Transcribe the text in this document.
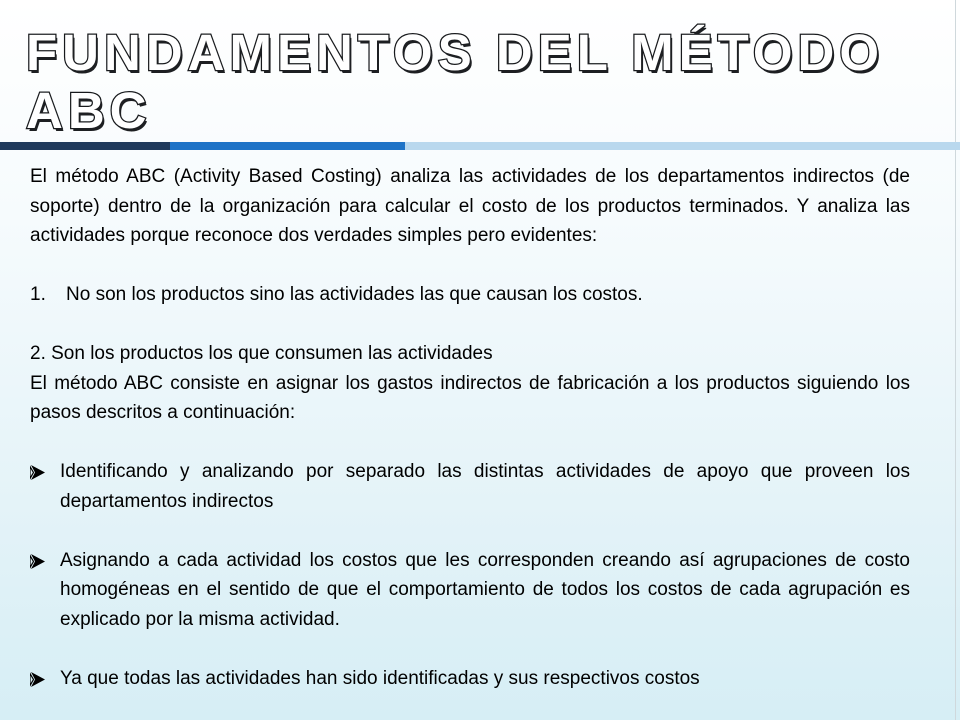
FUNDAMENTOS DEL MÉTODO ABC

El método ABC (Activity Based Costing) analiza las actividades de los departamentos indirectos (de soporte) dentro de la organización para calcular el costo de los productos terminados. Y analiza las actividades porque reconoce dos verdades simples pero evidentes:

1.	No son los productos sino las actividades las que causan los costos.

2. Son los productos los que consumen las actividades

El método ABC consiste en asignar los gastos indirectos de fabricación a los productos siguiendo los pasos descritos a continuación:

Identificando y analizando por separado las distintas actividades de apoyo que proveen los departamentos indirectos
Asignando a cada actividad los costos que les corresponden creando así agrupaciones de costo homogéneas en el sentido de que el comportamiento de todos los costos de cada agrupación es explicado por la misma actividad.
Ya que todas las actividades han sido identificadas y sus respectivos costos
